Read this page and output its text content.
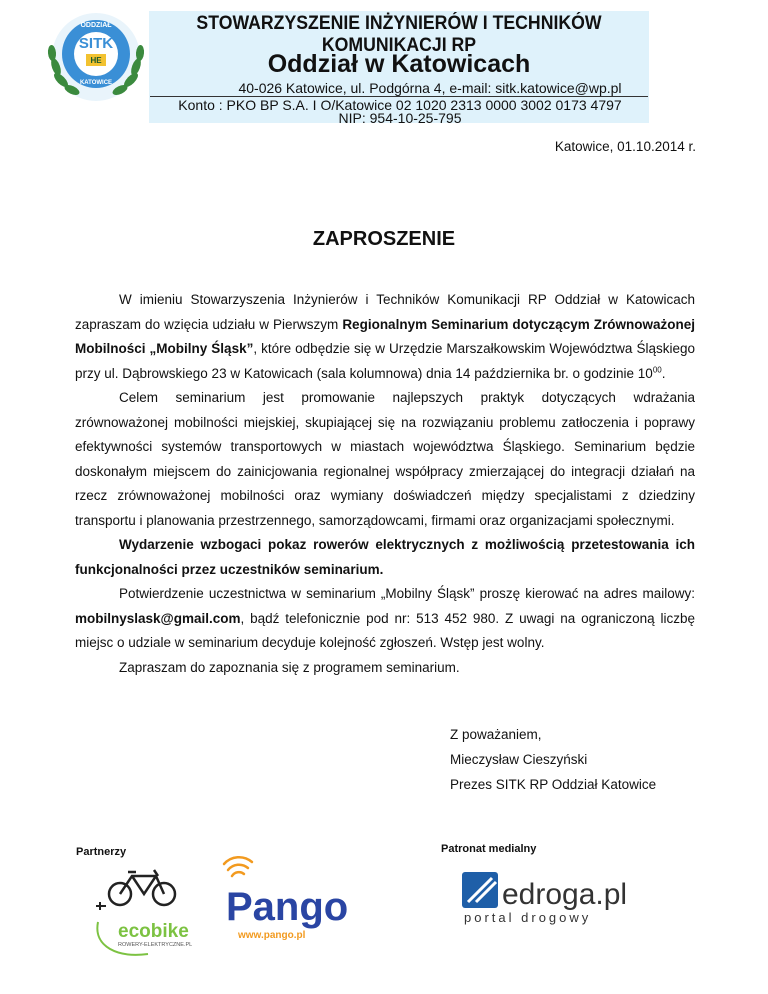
SITK
HE
ODDZIAŁ
KATOWICE
STOWARZYSZENIE INŻYNIERÓW I TECHNIKÓW KOMUNIKACJI RP
Oddział w Katowicach
40-026 Katowice, ul. Podgórna 4, e-mail: sitk.katowice@wp.pl
Konto : PKO BP S.A. I O/Katowice 02 1020 2313 0000 3002 0173 4797
NIP: 954-10-25-795
Katowice, 01.10.2014 r.
ZAPROSZENIE

W imieniu Stowarzyszenia Inżynierów i Techników Komunikacji RP Oddział w Katowicach zapraszam do wzięcia udziału w Pierwszym Regionalnym Seminarium dotyczącym Zrównoważonej Mobilności „Mobilny Śląsk”, które odbędzie się w Urzędzie Marszałkowskim Województwa Śląskiego przy ul. Dąbrowskiego 23 w Katowicach (sala kolumnowa) dnia 14 października br. o godzinie $10^{00}$.

Celem seminarium jest promowanie najlepszych praktyk dotyczących wdrażania zrównoważonej mobilności miejskiej, skupiającej się na rozwiązaniu problemu zatłoczenia i poprawy efektywności systemów transportowych w miastach województwa Śląskiego. Seminarium będzie doskonałym miejscem do zainicjowania regionalnej współpracy zmierzającej do integracji działań na rzecz zrównoważonej mobilności oraz wymiany doświadczeń między specjalistami z dziedziny transportu i planowania przestrzennego, samorządowcami, firmami oraz organizacjami społecznymi.

Wydarzenie wzbogaci pokaz rowerów elektrycznych z możliwością przetestowania ich funkcjonalności przez uczestników seminarium.

Potwierdzenie uczestnictwa w seminarium „Mobilny Śląsk” proszę kierować na adres mailowy: mobilnyslask@gmail.com, bądź telefonicznie pod nr: 513 452 980. Z uwagi na ograniczoną liczbę miejsc o udziale w seminarium decyduje kolejność zgłoszeń. Wstęp jest wolny.

Zapraszam do zapoznania się z programem seminarium.

Z poważaniem,
Mieczysław Cieszyński
Prezes SITK RP Oddział Katowice
Partnerzy	Patronat medialny
ecobike
ROWERY-ELEKTRYCZNE.PL
Pango
www.pango.pl
edroga.pl
portal drogowy
